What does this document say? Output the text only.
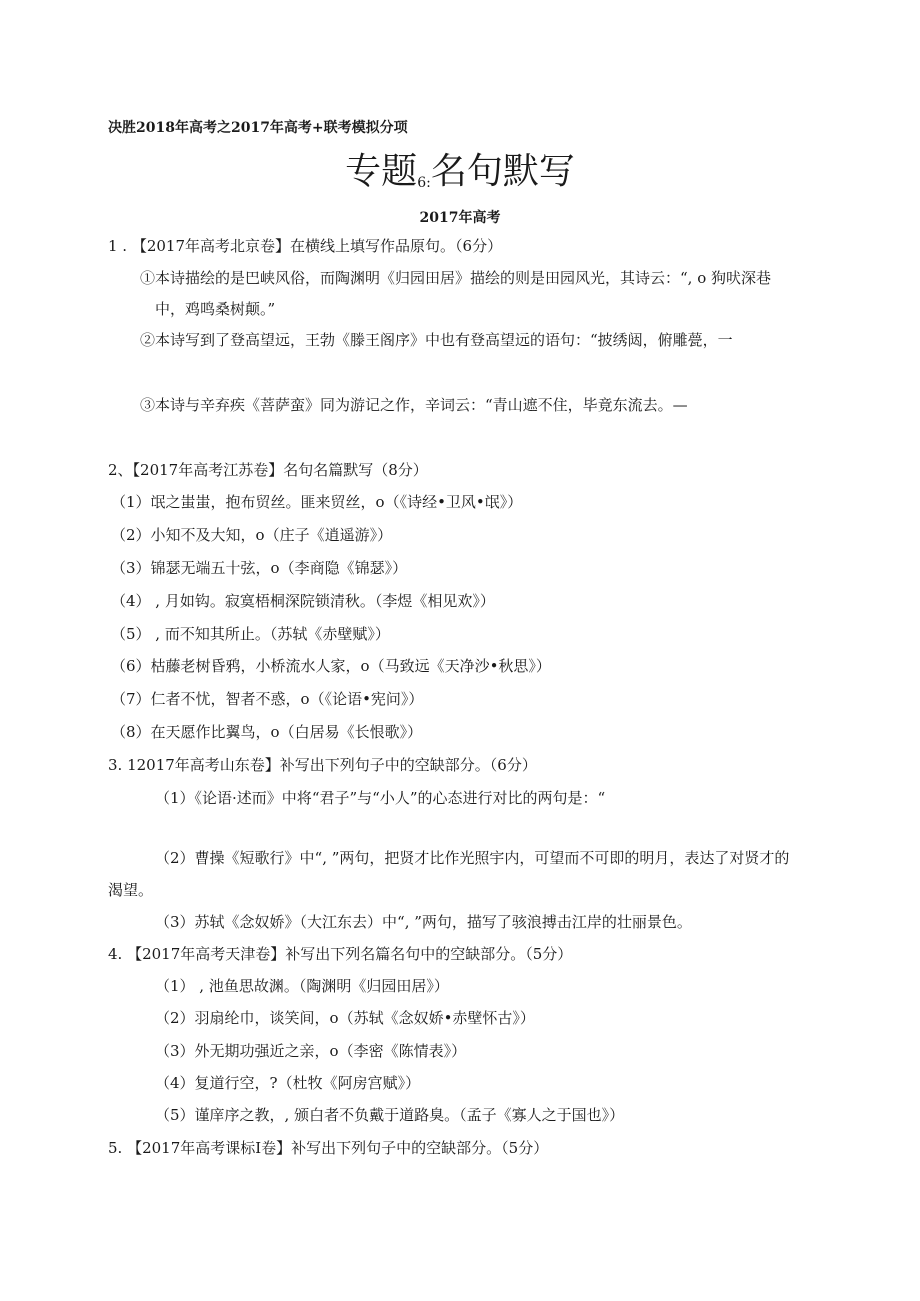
决胜2018年高考之2017年高考+联考模拟分项
专题$_{6:}$名句默写
2017年高考
1 . 【2017年高考北京卷】在横线上填写作品原句。（6分）
①本诗描绘的是巴峡风俗，而陶渊明《归园田居》描绘的则是田园风光，其诗云：“, o 狗吠深巷
中，鸡鸣桑树颠。”
②本诗写到了登高望远，王勃《滕王阁序》中也有登高望远的语句：“披绣闼，俯雕甍，一
③本诗与辛弃疾《菩萨蛮》同为游记之作，辛词云：“青山遮不住，毕竟东流去。—
2、【2017年高考江苏卷】名句名篇默写（8分）
（1）氓之蚩蚩，抱布贸丝。匪来贸丝，o（《诗经•卫风•氓》）
（2）小知不及大知，o（庄子《逍遥游》）
（3）锦瑟无端五十弦，o（李商隐《锦瑟》）
（4） , 月如钩。寂寞梧桐深院锁清秋。（李煜《相见欢》）
（5） , 而不知其所止。（苏轼《赤壁赋》）
（6）枯藤老树昏鸦，小桥流水人家，o（马致远《天净沙•秋思》）
（7）仁者不忧，智者不惑，o（《论语•宪问》）
（8）在天愿作比翼鸟，o（白居易《长恨歌》）
3. 12017年高考山东卷】补写出下列句子中的空缺部分。（6分）
（1）《论语·述而》中将“君子”与“小人”的心态进行对比的两句是：“
（2）曹操《短歌行》中“, ”两句，把贤才比作光照宇内，可望而不可即的明月，表达了对贤才的
渴望。
（3）苏轼《念奴娇》（大江东去）中“, ”两句，描写了骇浪搏击江岸的壮丽景色。
4. 【2017年高考天津卷】补写出下列名篇名句中的空缺部分。（5分）
（1） , 池鱼思故渊。（陶渊明《归园田居》）
（2）羽扇纶巾，谈笑间，o（苏轼《念奴娇•赤壁怀古》）
（3）外无期功强近之亲，o（李密《陈情表》）
（4）复道行空，?（杜牧《阿房宫赋》）
（5）谨庠序之教，, 颁白者不负戴于道路臭。（孟子《寡人之于国也》）
5. 【2017年高考课标Ⅰ卷】补写出下列句子中的空缺部分。（5分）
